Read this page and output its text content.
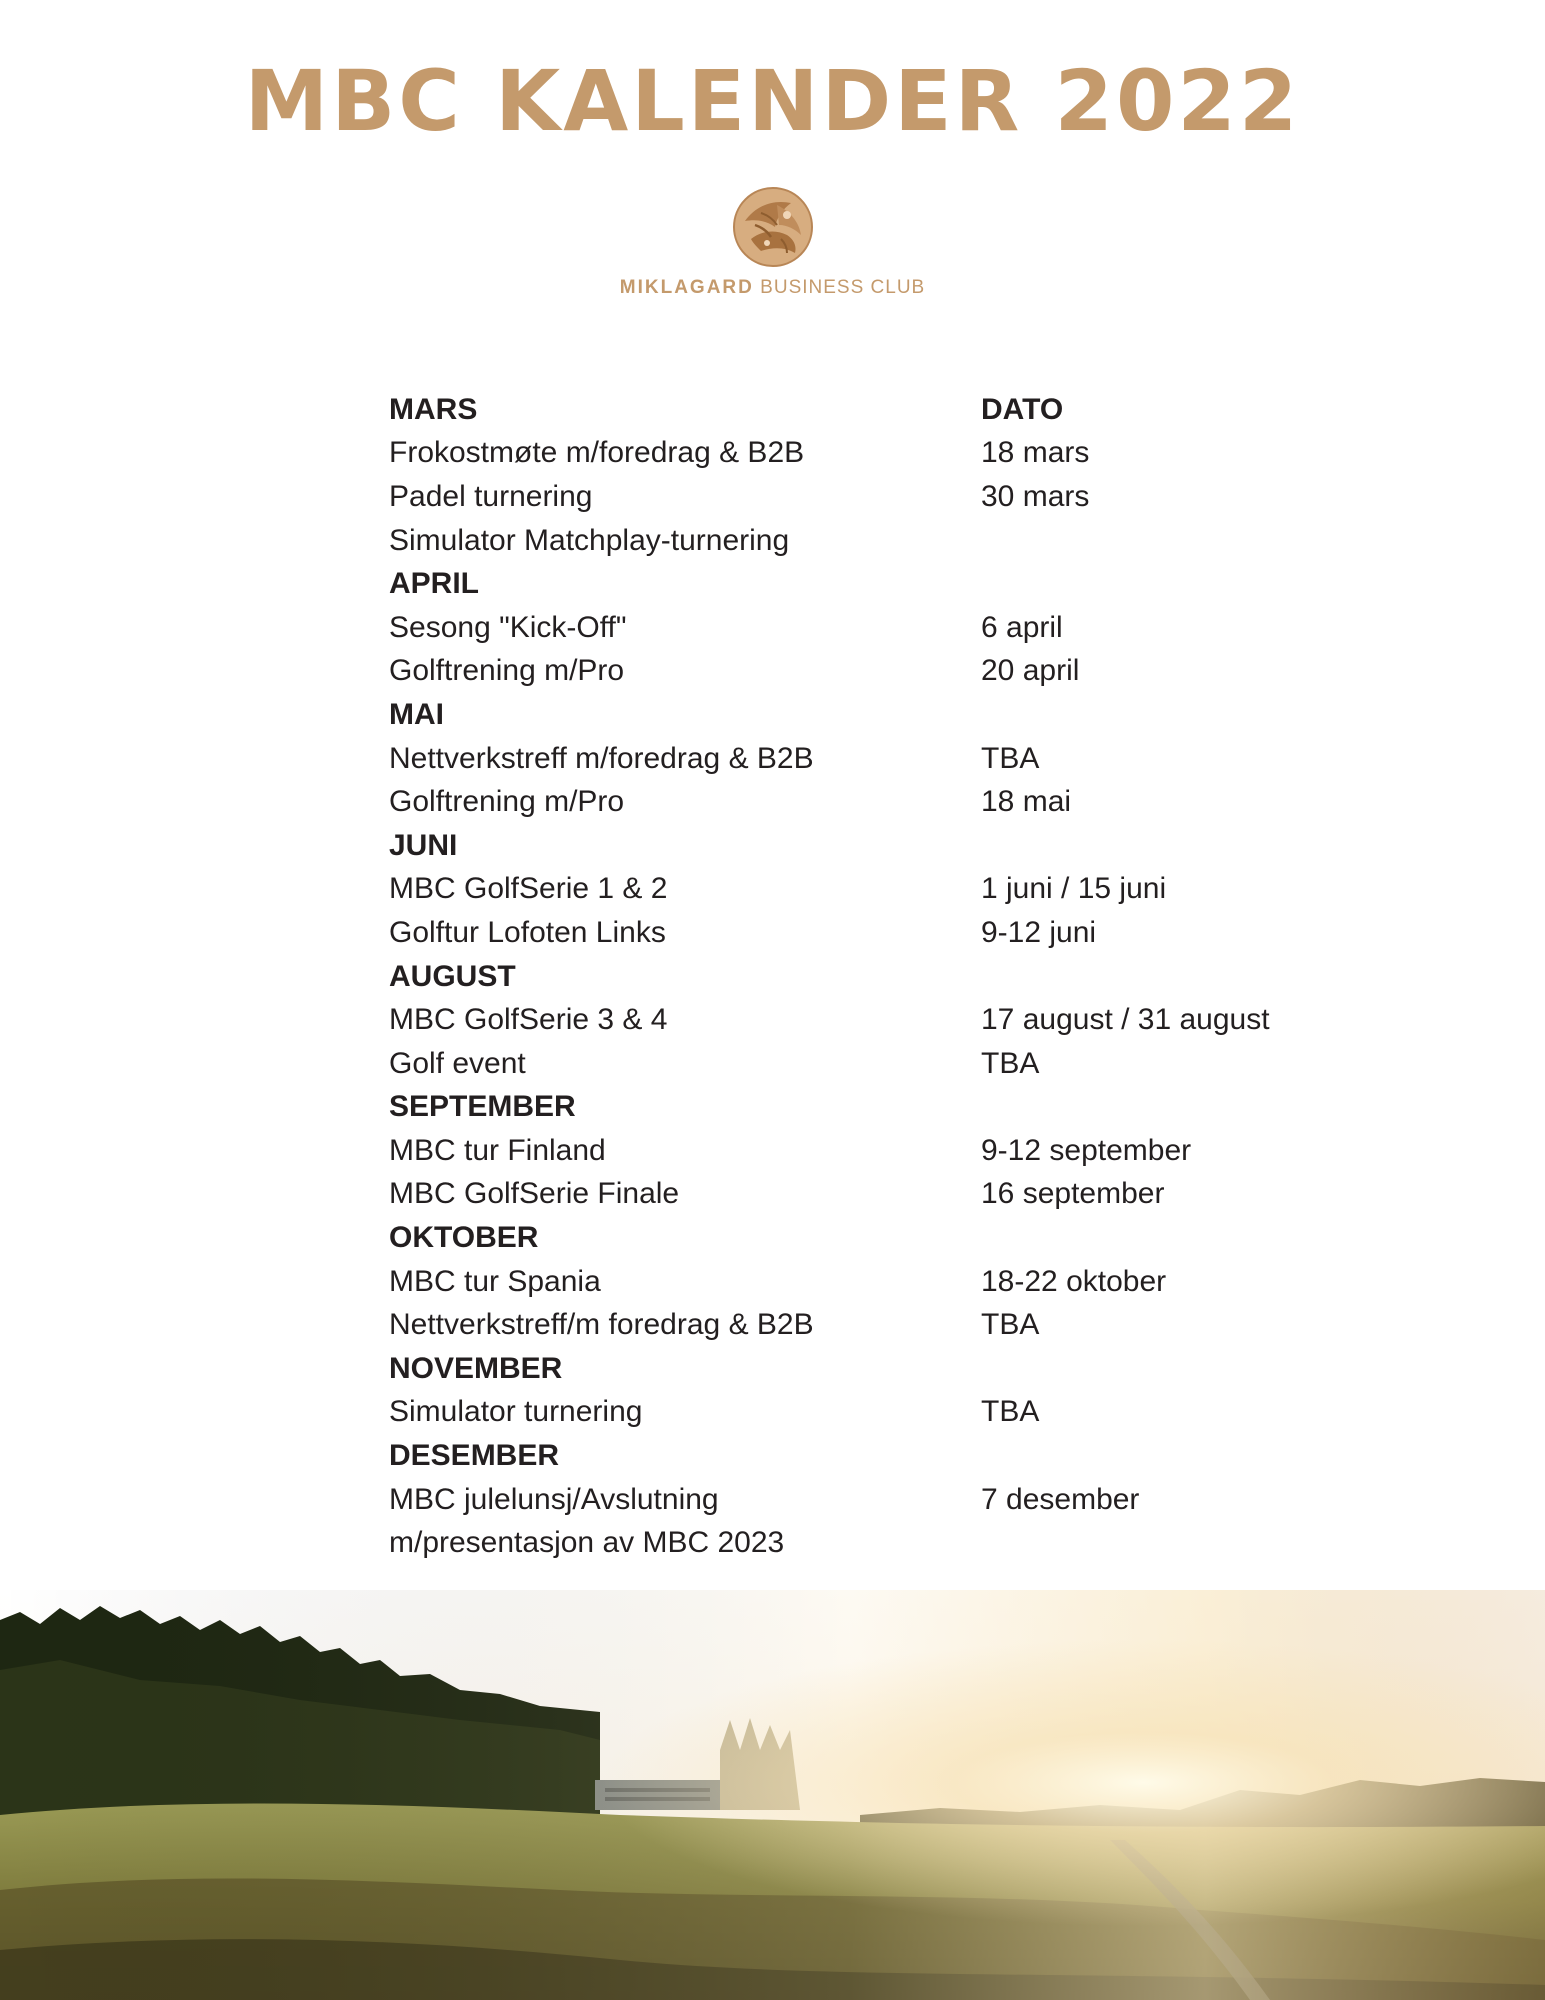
MBC KALENDER 2022
MIKLAGARD BUSINESS CLUB
MARS	DATO
Frokostmøte m/foredrag & B2B	18 mars
Padel turnering	30 mars
Simulator Matchplay-turnering
APRIL
Sesong "Kick-Off"	6 april
Golftrening m/Pro	20 april
MAI
Nettverkstreff m/foredrag & B2B	TBA
Golftrening m/Pro	18 mai
JUNI
MBC GolfSerie 1 & 2	1 juni / 15 juni
Golftur Lofoten Links	9-12 juni
AUGUST
MBC GolfSerie 3 & 4	17 august / 31 august
Golf event	TBA
SEPTEMBER
MBC tur Finland	9-12 september
MBC GolfSerie Finale	16 september
OKTOBER
MBC tur Spania	18-22 oktober
Nettverkstreff/m foredrag & B2B	TBA
NOVEMBER
Simulator turnering	TBA
DESEMBER
MBC julelunsj/Avslutning	7 desember
m/presentasjon av MBC 2023
